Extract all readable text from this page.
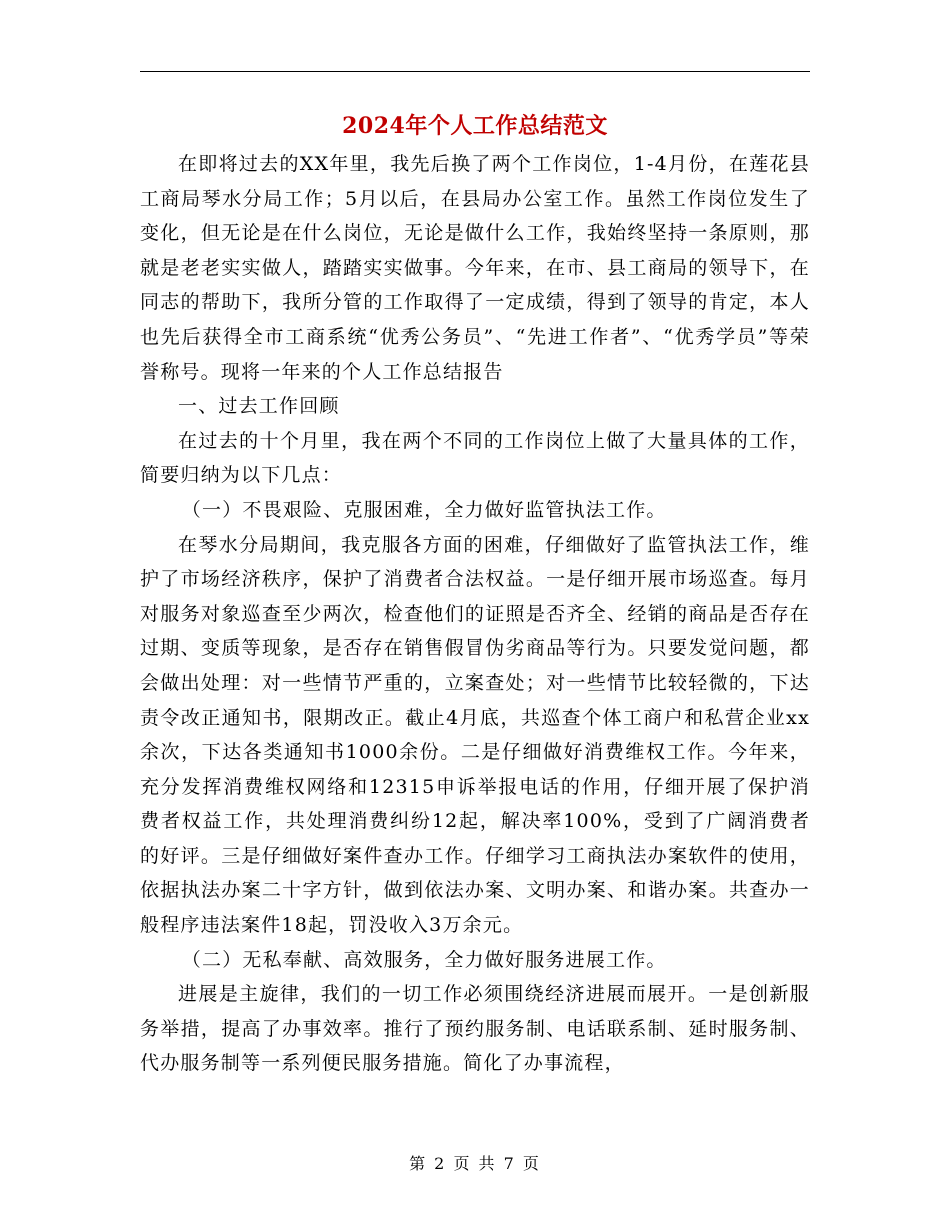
2024年个人工作总结范文

在即将过去的XX年里，我先后换了两个工作岗位，1-4月份，在莲花县工商局琴水分局工作；5月以后，在县局办公室工作。虽然工作岗位发生了变化，但无论是在什么岗位，无论是做什么工作，我始终坚持一条原则，那就是老老实实做人，踏踏实实做事。今年来，在市、县工商局的领导下，在同志的帮助下，我所分管的工作取得了一定成绩，得到了领导的肯定，本人也先后获得全市工商系统“优秀公务员”、“先进工作者”、“优秀学员”等荣誉称号。现将一年来的个人工作总结报告

一、过去工作回顾

在过去的十个月里，我在两个不同的工作岗位上做了大量具体的工作，简要归纳为以下几点：

（一）不畏艰险、克服困难，全力做好监管执法工作。

在琴水分局期间，我克服各方面的困难，仔细做好了监管执法工作，维护了市场经济秩序，保护了消费者合法权益。一是仔细开展市场巡查。每月对服务对象巡查至少两次，检查他们的证照是否齐全、经销的商品是否存在过期、变质等现象，是否存在销售假冒伪劣商品等行为。只要发觉问题，都会做出处理：对一些情节严重的，立案查处；对一些情节比较轻微的，下达责令改正通知书，限期改正。截止4月底，共巡查个体工商户和私营企业xx余次，下达各类通知书1000余份。二是仔细做好消费维权工作。今年来，充分发挥消费维权网络和12315申诉举报电话的作用，仔细开展了保护消费者权益工作，共处理消费纠纷12起，解决率100%，受到了广阔消费者的好评。三是仔细做好案件查办工作。仔细学习工商执法办案软件的使用，依据执法办案二十字方针，做到依法办案、文明办案、和谐办案。共查办一般程序违法案件18起，罚没收入3万余元。

（二）无私奉献、高效服务，全力做好服务进展工作。

进展是主旋律，我们的一切工作必须围绕经济进展而展开。一是创新服务举措，提高了办事效率。推行了预约服务制、电话联系制、延时服务制、代办服务制等一系列便民服务措施。简化了办事流程，

第 2 页 共 7 页
